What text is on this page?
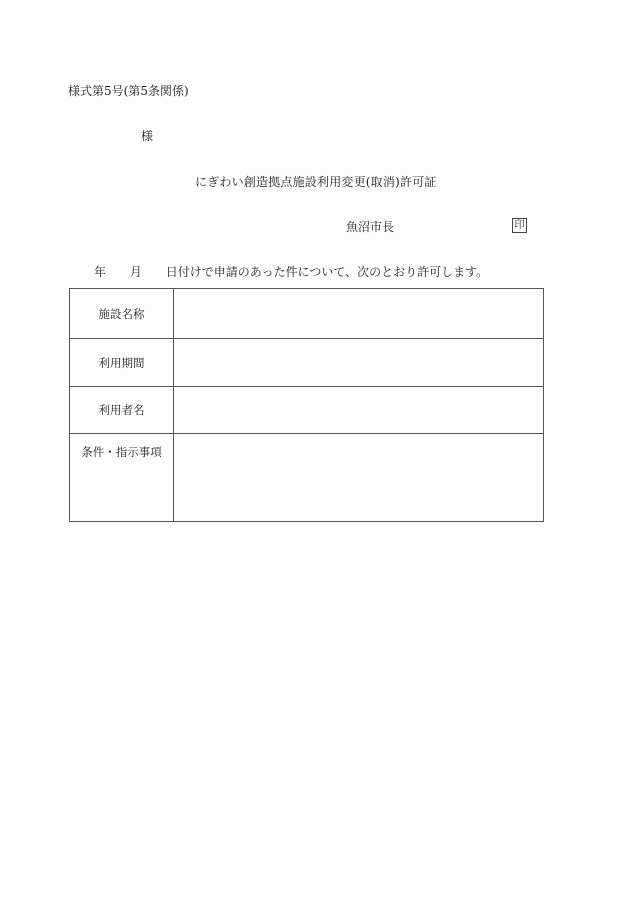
様式第5号(第5条関係)
様
にぎわい創造拠点施設利用変更(取消)許可証
魚沼市長	印
年 月 日付けで申請のあった件について、次のとおり許可します。
施設名称	
利用期間	
利用者名	
条件・指示事項	
